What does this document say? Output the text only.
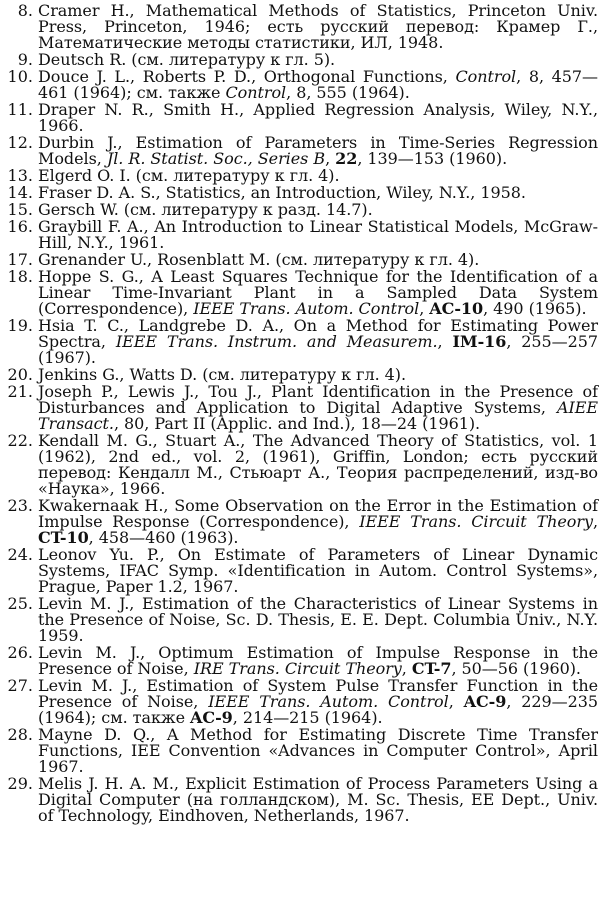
8. Cramer H., Mathematical Methods of Statistics, Princeton Univ. Press, Princeton, 1946; есть русский перевод: Крамер Г., Математические методы статистики, ИЛ, 1948.
9. Deutsch R. (см. литературу к гл. 5).
10. Douce J. L., Roberts P. D., Orthogonal Functions, Control, 8, 457—461 (1964); см. также Control, 8, 555 (1964).
11. Draper N. R., Smith H., Applied Regression Analysis, Wiley, N.Y., 1966.
12. Durbin J., Estimation of Parameters in Time-Series Regression Models, Jl. R. Statist. Soc., Series B, 22, 139—153 (1960).
13. Elgerd O. I. (см. литературу к гл. 4).
14. Fraser D. A. S., Statistics, an Introduction, Wiley, N.Y., 1958.
15. Gersch W. (см. литературу к разд. 14.7).
16. Graybill F. A., An Introduction to Linear Statistical Models, McGraw-Hill, N.Y., 1961.
17. Grenander U., Rosenblatt M. (см. литературу к гл. 4).
18. Hoppe S. G., A Least Squares Technique for the Identification of a Linear Time-Invariant Plant in a Sampled Data System (Correspondence), IEEE Trans. Autom. Control, AC-10, 490 (1965).
19. Hsia T. C., Landgrebe D. A., On a Method for Estimating Power Spectra, IEEE Trans. Instrum. and Measurem., IM-16, 255—257 (1967).
20. Jenkins G., Watts D. (см. литературу к гл. 4).
21. Joseph P., Lewis J., Tou J., Plant Identification in the Presence of Disturbances and Application to Digital Adaptive Systems, AIEE Transact., 80, Part II (Applic. and Ind.), 18—24 (1961).
22. Kendall M. G., Stuart A., The Advanced Theory of Statistics, vol. 1 (1962), 2nd ed., vol. 2, (1961), Griffin, London; есть русский перевод: Кендалл М., Стьюарт А., Теория распределений, изд-во «Наука», 1966.
23. Kwakernaak H., Some Observation on the Error in the Estimation of Impulse Response (Correspondence), IEEE Trans. Circuit Theory, CT-10, 458—460 (1963).
24. Leonov Yu. P., On Estimate of Parameters of Linear Dynamic Systems, IFAC Symp. «Identification in Autom. Control Systems», Prague, Paper 1.2, 1967.
25. Levin M. J., Estimation of the Characteristics of Linear Systems in the Presence of Noise, Sc. D. Thesis, E. E. Dept. Columbia Univ., N.Y. 1959.
26. Levin M. J., Optimum Estimation of Impulse Response in the Presence of Noise, IRE Trans. Circuit Theory, CT-7, 50—56 (1960).
27. Levin M. J., Estimation of System Pulse Transfer Function in the Presence of Noise, IEEE Trans. Autom. Control, AC-9, 229—235 (1964); см. также AC-9, 214—215 (1964).
28. Mayne D. Q., A Method for Estimating Discrete Time Transfer Functions, IEE Convention «Advances in Computer Control», April 1967.
29. Melis J. H. A. M., Explicit Estimation of Process Parameters Using a Digital Computer (на голландском), M. Sc. Thesis, EE Dept., Univ. of Technology, Eindhoven, Netherlands, 1967.
